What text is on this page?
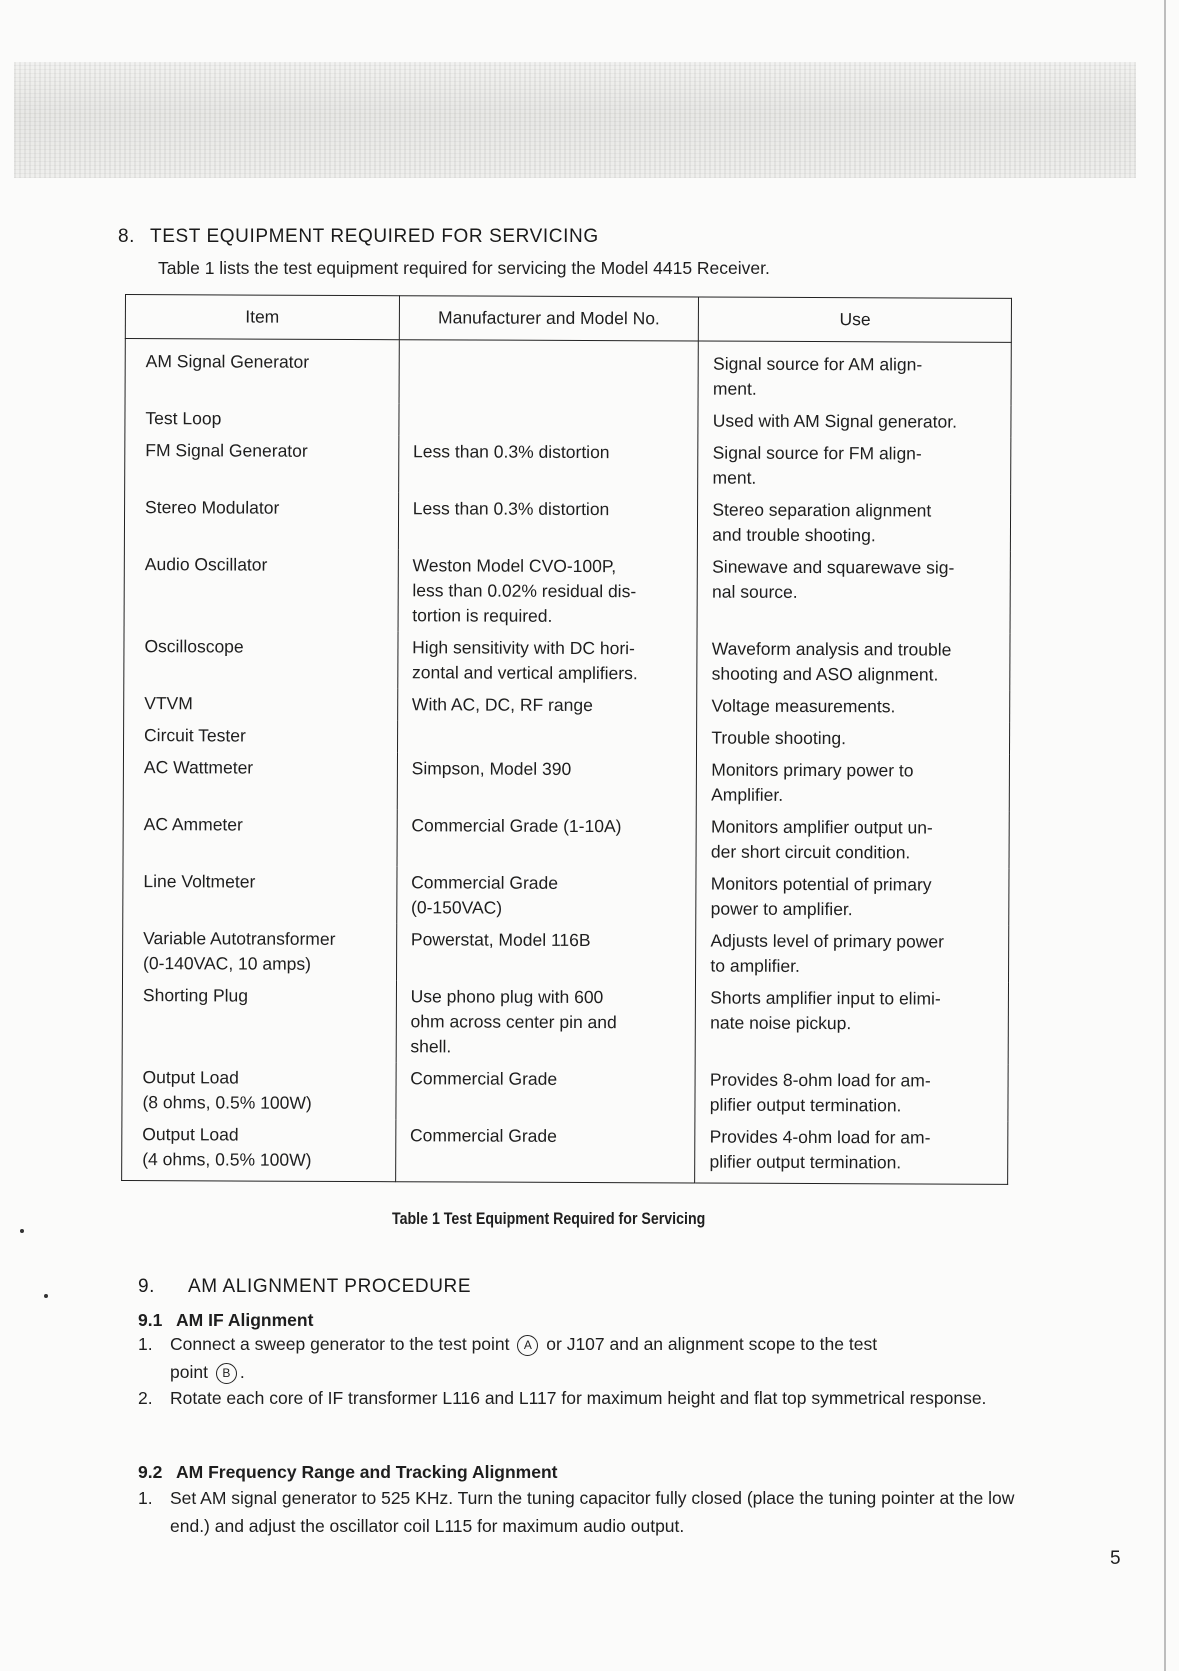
8. TEST EQUIPMENT REQUIRED FOR SERVICING
Table 1 lists the test equipment required for servicing the Model 4415 Receiver.
Item	Manufacturer and Model No.	Use
AM Signal Generator		Signal source for AM align-
ment.
Test Loop		Used with AM Signal generator.
FM Signal Generator	Less than 0.3% distortion	Signal source for FM align-
ment.
Stereo Modulator	Less than 0.3% distortion	Stereo separation alignment
and trouble shooting.
Audio Oscillator	Weston Model CVO-100P,
less than 0.02% residual dis-
tortion is required.	Sinewave and squarewave sig-
nal source.
Oscilloscope	High sensitivity with DC hori-
zontal and vertical amplifiers.	Waveform analysis and trouble
shooting and ASO alignment.
VTVM	With AC, DC, RF range	Voltage measurements.
Circuit Tester		Trouble shooting.
AC Wattmeter	Simpson, Model 390	Monitors primary power to
Amplifier.
AC Ammeter	Commercial Grade (1-10A)	Monitors amplifier output un-
der short circuit condition.
Line Voltmeter	Commercial Grade
(0-150VAC)	Monitors potential of primary
power to amplifier.
Variable Autotransformer
(0-140VAC, 10 amps)	Powerstat, Model 116B	Adjusts level of primary power
to amplifier.
Shorting Plug	Use phono plug with 600
ohm across center pin and
shell.	Shorts amplifier input to elimi-
nate noise pickup.
Output Load
(8 ohms, 0.5% 100W)	Commercial Grade	Provides 8-ohm load for am-
plifier output termination.
Output Load
(4 ohms, 0.5% 100W)	Commercial Grade	Provides 4-ohm load for am-
plifier output termination.
Table 1 Test Equipment Required for Servicing
9. AM ALIGNMENT PROCEDURE
9.1 AM IF Alignment
1. Connect a sweep generator to the test point A or J107 and an alignment scope to the test
point B .
2. Rotate each core of IF transformer L116 and L117 for maximum height and flat top symmetrical response.
9.2 AM Frequency Range and Tracking Alignment
1. Set AM signal generator to 525 KHz. Turn the tuning capacitor fully closed (place the tuning pointer at the low end.) and adjust the oscillator coil L115 for maximum audio output.
5
